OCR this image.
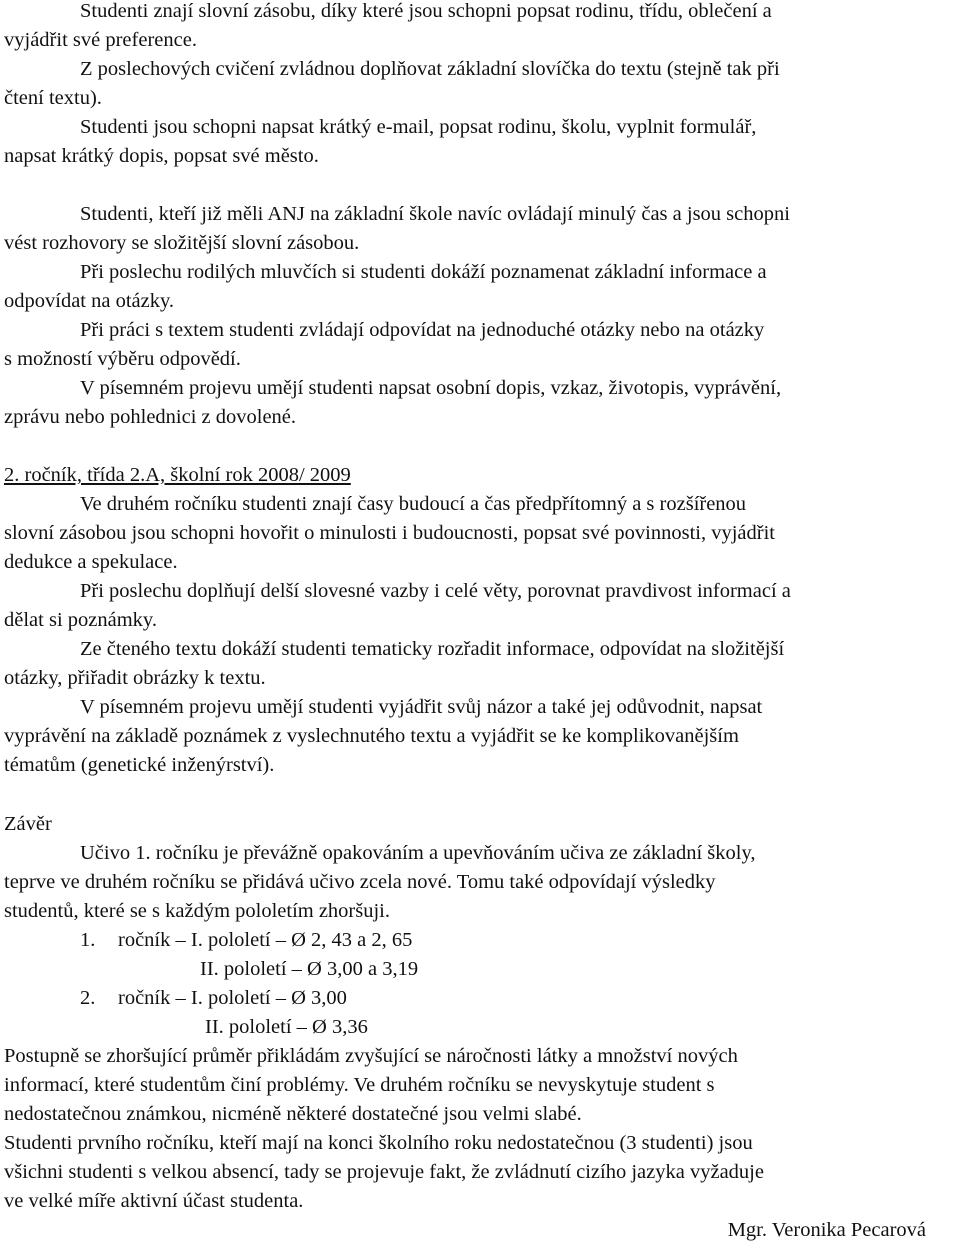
Studenti znají slovní zásobu, díky které jsou schopni popsat rodinu, třídu, oblečení a
vyjádřit své preference.

Z poslechových cvičení zvládnou doplňovat základní slovíčka do textu (stejně tak při
čtení textu).

Studenti jsou schopni napsat krátký e-mail, popsat rodinu, školu, vyplnit formulář,
napsat krátký dopis, popsat své město.

Studenti, kteří již měli ANJ na základní škole navíc ovládají minulý čas a jsou schopni
vést rozhovory se složitější slovní zásobou.

Při poslechu rodilých mluvčích si studenti dokáží poznamenat základní informace a
odpovídat na otázky.

Při práci s textem studenti zvládají odpovídat na jednoduché otázky nebo na otázky
s možností výběru odpovědí.

V písemném projevu umějí studenti napsat osobní dopis, vzkaz, životopis, vyprávění,
zprávu nebo pohlednici z dovolené.

2. ročník, třída 2.A, školní rok 2008/ 2009

Ve druhém ročníku studenti znají časy budoucí a čas předpřítomný a s rozšířenou
slovní zásobou jsou schopni hovořit o minulosti i budoucnosti, popsat své povinnosti, vyjádřit
dedukce a spekulace.

Při poslechu doplňují delší slovesné vazby i celé věty, porovnat pravdivost informací a
dělat si poznámky.

Ze čteného textu dokáží studenti tematicky rozřadit informace, odpovídat na složitější
otázky, přiřadit obrázky k textu.

V písemném projevu umějí studenti vyjádřit svůj názor a také jej odůvodnit, napsat
vyprávění na základě poznámek z vyslechnutého textu a vyjádřit se ke komplikovanějším
tématům (genetické inženýrství).

Závěr

Učivo 1. ročníku je převážně opakováním a upevňováním učiva ze základní školy,
teprve ve druhém ročníku se přidává učivo zcela nové. Tomu také odpovídají výsledky
studentů, které se s každým pololetím zhoršuji.

1. ročník – I. pololetí – Ø 2, 43 a 2, 65
II. pololetí – Ø 3,00 a 3,19
2. ročník – I. pololetí – Ø 3,00
II. pololetí – Ø 3,36

Postupně se zhoršující průměr přikládám zvyšující se náročnosti látky a množství nových
informací, které studentům činí problémy. Ve druhém ročníku se nevyskytuje student s
nedostatečnou známkou, nicméně některé dostatečné jsou velmi slabé.

Studenti prvního ročníku, kteří mají na konci školního roku nedostatečnou (3 studenti) jsou
všichni studenti s velkou absencí, tady se projevuje fakt, že zvládnutí cizího jazyka vyžaduje
ve velké míře aktivní účast studenta.

Mgr. Veronika Pecarová
